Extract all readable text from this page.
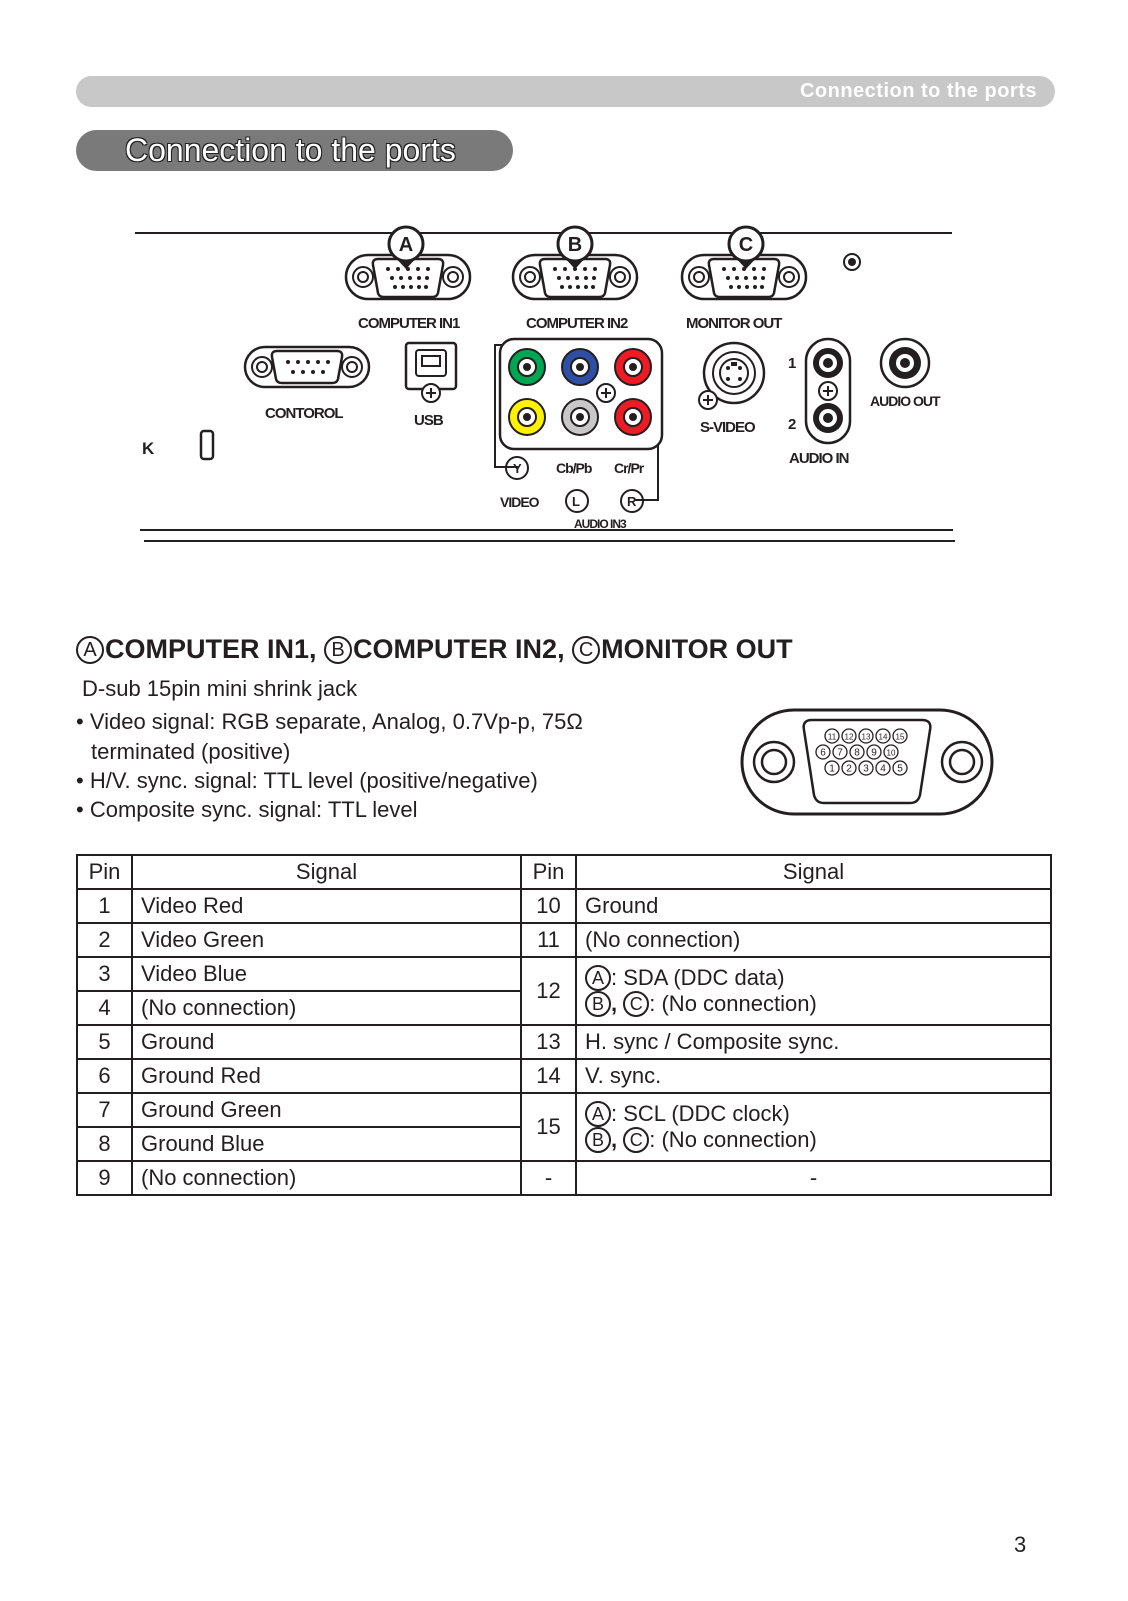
Connection to the ports
Connection to the ports
A
COMPUTER IN1
B
COMPUTER IN2
C
MONITOR OUT
CONTOROL	USB
K
Y Cb/Pb Cr/Pr
VIDEO	L	R
AUDIO IN3
S-VIDEO
1
2
AUDIO IN
AUDIO OUT
A COMPUTER IN1, B COMPUTER IN2, C MONITOR OUT
D-sub 15pin mini shrink jack
• Video signal: RGB separate, Analog, 0.7Vp-p, 75Ω
terminated (positive)
• H/V. sync. signal: TTL level (positive/negative)
• Composite sync. signal: TTL level
11 12 13 14 15
6 7 8 9 10
1 2 3 4 5
Pin	Signal	Pin	Signal
1	Video Red	10	Ground
2	Video Green	11	(No connection)
3	Video Blue	12	A : SDA (DDC data)
B , C : (No connection)

4	(No connection)		
5	Ground	13	H. sync / Composite sync.
6	Ground Red	14	V. sync.
7	Ground Green	15	A : SCL (DDC clock)
B , C : (No connection)

8	Ground Blue		
9	(No connection)	-	-
3
